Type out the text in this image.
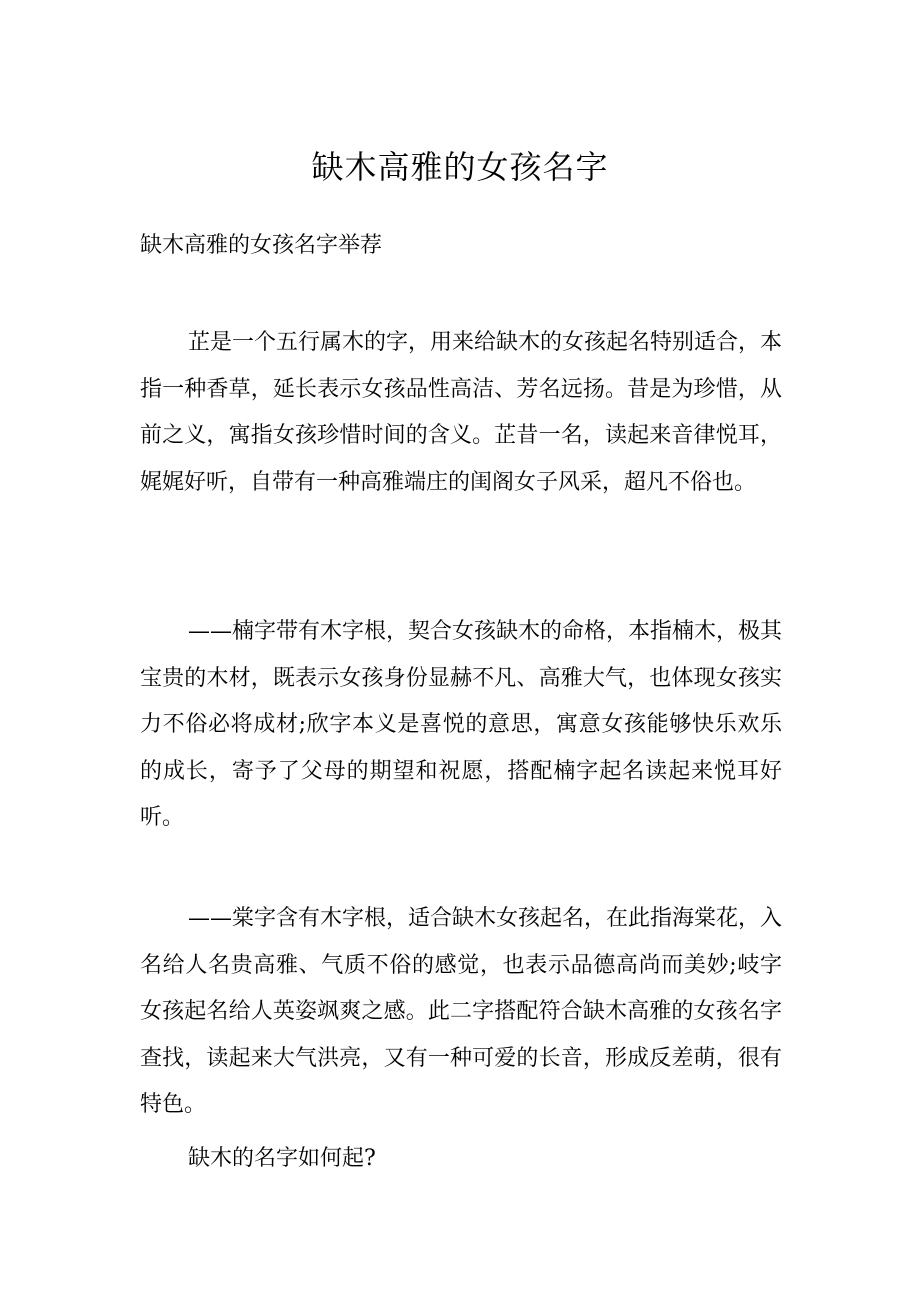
缺木高雅的女孩名字

缺木高雅的女孩名字举荐

芷是一个五行属木的字，用来给缺木的女孩起名特别适合，本指一种香草，延长表示女孩品性高洁、芳名远扬。昔是为珍惜，从前之义，寓指女孩珍惜时间的含义。芷昔一名，读起来音律悦耳，娓娓好听，自带有一种高雅端庄的闺阁女子风采，超凡不俗也。

——楠字带有木字根，契合女孩缺木的命格，本指楠木，极其宝贵的木材，既表示女孩身份显赫不凡、高雅大气，也体现女孩实力不俗必将成材;欣字本义是喜悦的意思，寓意女孩能够快乐欢乐的成长，寄予了父母的期望和祝愿，搭配楠字起名读起来悦耳好听。

——棠字含有木字根，适合缺木女孩起名，在此指海棠花，入名给人名贵高雅、气质不俗的感觉，也表示品德高尚而美妙;岐字女孩起名给人英姿飒爽之感。此二字搭配符合缺木高雅的女孩名字查找，读起来大气洪亮，又有一种可爱的长音，形成反差萌，很有特色。

缺木的名字如何起?
